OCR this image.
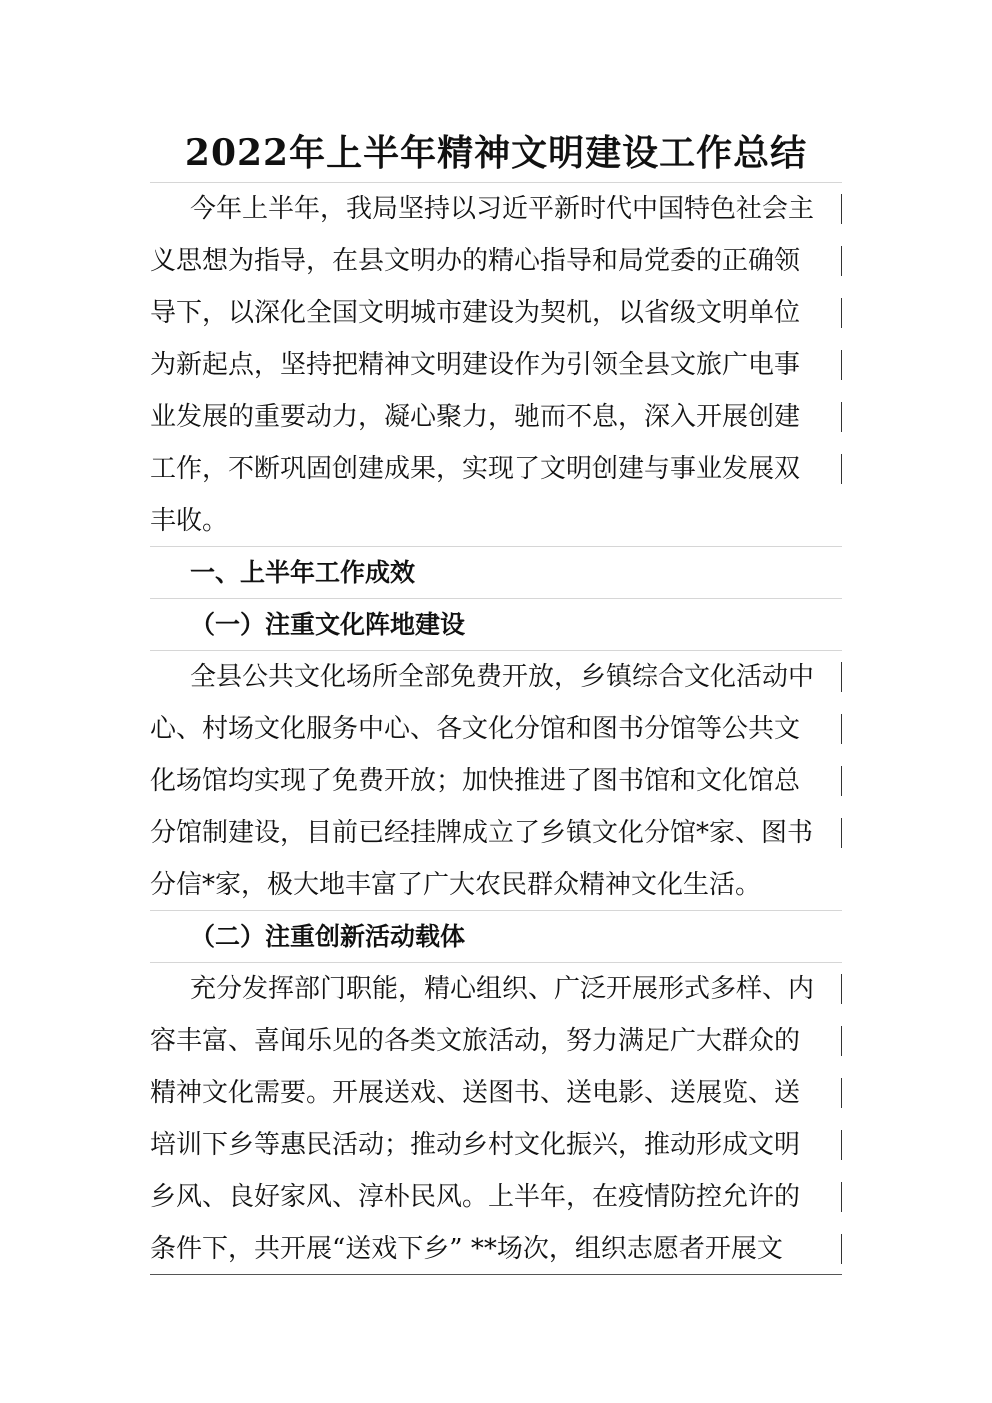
2022年上半年精神文明建设工作总结
今年上半年，我局坚持以习近平新时代中国特色社会主
义思想为指导，在县文明办的精心指导和局党委的正确领
导下，以深化全国文明城市建设为契机，以省级文明单位
为新起点，坚持把精神文明建设作为引领全县文旅广电事
业发展的重要动力，凝心聚力，驰而不息，深入开展创建
工作，不断巩固创建成果，实现了文明创建与事业发展双
丰收。
一、上半年工作成效
（一）注重文化阵地建设
全县公共文化场所全部免费开放，乡镇综合文化活动中
心、村场文化服务中心、各文化分馆和图书分馆等公共文
化场馆均实现了免费开放；加快推进了图书馆和文化馆总
分馆制建设，目前已经挂牌成立了乡镇文化分馆*家、图书
分信*家，极大地丰富了广大农民群众精神文化生活。
（二）注重创新活动载体
充分发挥部门职能，精心组织、广泛开展形式多样、内
容丰富、喜闻乐见的各类文旅活动，努力满足广大群众的
精神文化需要。开展送戏、送图书、送电影、送展览、送
培训下乡等惠民活动；推动乡村文化振兴，推动形成文明
乡风、良好家风、淳朴民风。上半年，在疫情防控允许的
条件下，共开展“送戏下乡” **场次，组织志愿者开展文
